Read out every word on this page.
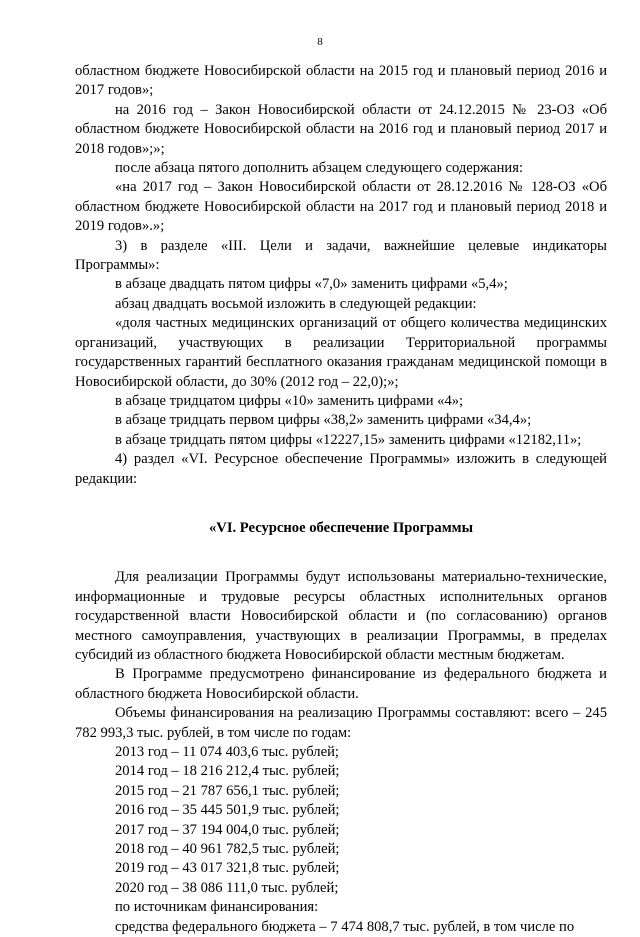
8

областном бюджете Новосибирской области на 2015 год и плановый период 2016 и 2017 годов»;

на 2016 год – Закон Новосибирской области от 24.12.2015 № 23-ОЗ «Об областном бюджете Новосибирской области на 2016 год и плановый период 2017 и 2018 годов»;»;

после абзаца пятого дополнить абзацем следующего содержания:

«на 2017 год – Закон Новосибирской области от 28.12.2016 № 128-ОЗ «Об областном бюджете Новосибирской области на 2017 год и плановый период 2018 и 2019 годов».»;

3) в разделе «III. Цели и задачи, важнейшие целевые индикаторы Программы»:

в абзаце двадцать пятом цифры «7,0» заменить цифрами «5,4»;

абзац двадцать восьмой изложить в следующей редакции:

«доля частных медицинских организаций от общего количества медицинских организаций, участвующих в реализации Территориальной программы государственных гарантий бесплатного оказания гражданам медицинской помощи в Новосибирской области, до 30% (2012 год – 22,0);»;

в абзаце тридцатом цифры «10» заменить цифрами «4»;

в абзаце тридцать первом цифры «38,2» заменить цифрами «34,4»;

в абзаце тридцать пятом цифры «12227,15» заменить цифрами «12182,11»;

4) раздел «VI. Ресурсное обеспечение Программы» изложить в следующей редакции:

«VI. Ресурсное обеспечение Программы

Для реализации Программы будут использованы материально-технические, информационные и трудовые ресурсы областных исполнительных органов государственной власти Новосибирской области и (по согласованию) органов местного самоуправления, участвующих в реализации Программы, в пределах субсидий из областного бюджета Новосибирской области местным бюджетам.

В Программе предусмотрено финансирование из федерального бюджета и областного бюджета Новосибирской области.

Объемы финансирования на реализацию Программы составляют: всего – 245 782 993,3 тыс. рублей, в том числе по годам:

2013 год – 11 074 403,6 тыс. рублей;

2014 год – 18 216 212,4 тыс. рублей;

2015 год – 21 787 656,1 тыс. рублей;

2016 год – 35 445 501,9 тыс. рублей;

2017 год – 37 194 004,0 тыс. рублей;

2018 год – 40 961 782,5 тыс. рублей;

2019 год – 43 017 321,8 тыс. рублей;

2020 год – 38 086 111,0 тыс. рублей;

по источникам финансирования:

средства федерального бюджета – 7 474 808,7 тыс. рублей, в том числе по
